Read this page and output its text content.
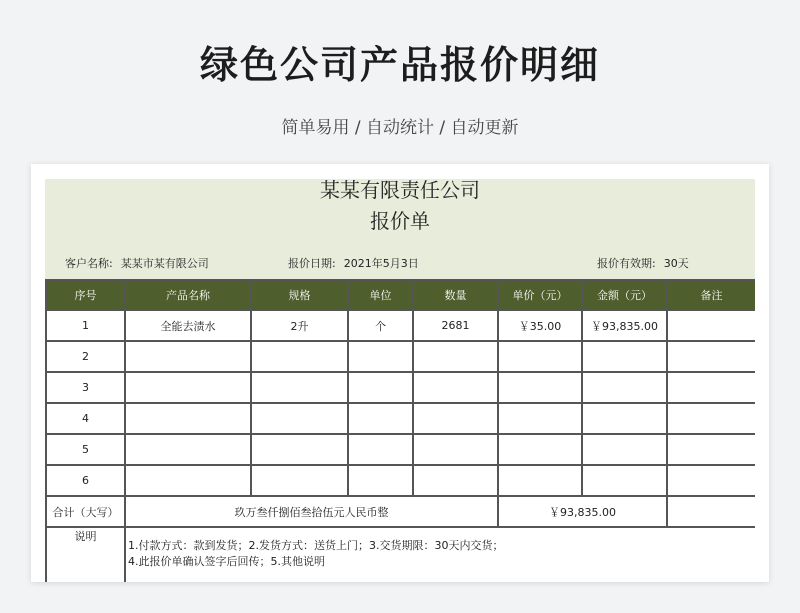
绿色公司产品报价明细
简单易用 / 自动统计 / 自动更新
某某有限责任公司
报价单
客户名称: 某某市某有限公司	报价日期: 2021年5月3日	报价有效期: 30天
序号	产品名称	规格	单位	数量	单价（元）	金额（元）	备注
1	全能去渍水	2升	个	2681	￥35.00	￥93,835.00	
2							
3							
4							
5							
6							
合计（大写）	玖万叁仟捌佰叁拾伍元人民币整				￥93,835.00		
说明	1.付款方式：款到发货；2.发货方式：送货上门；3.交货期限：30天内交货；
4.此报价单确认签字后回传；5.其他说明						
